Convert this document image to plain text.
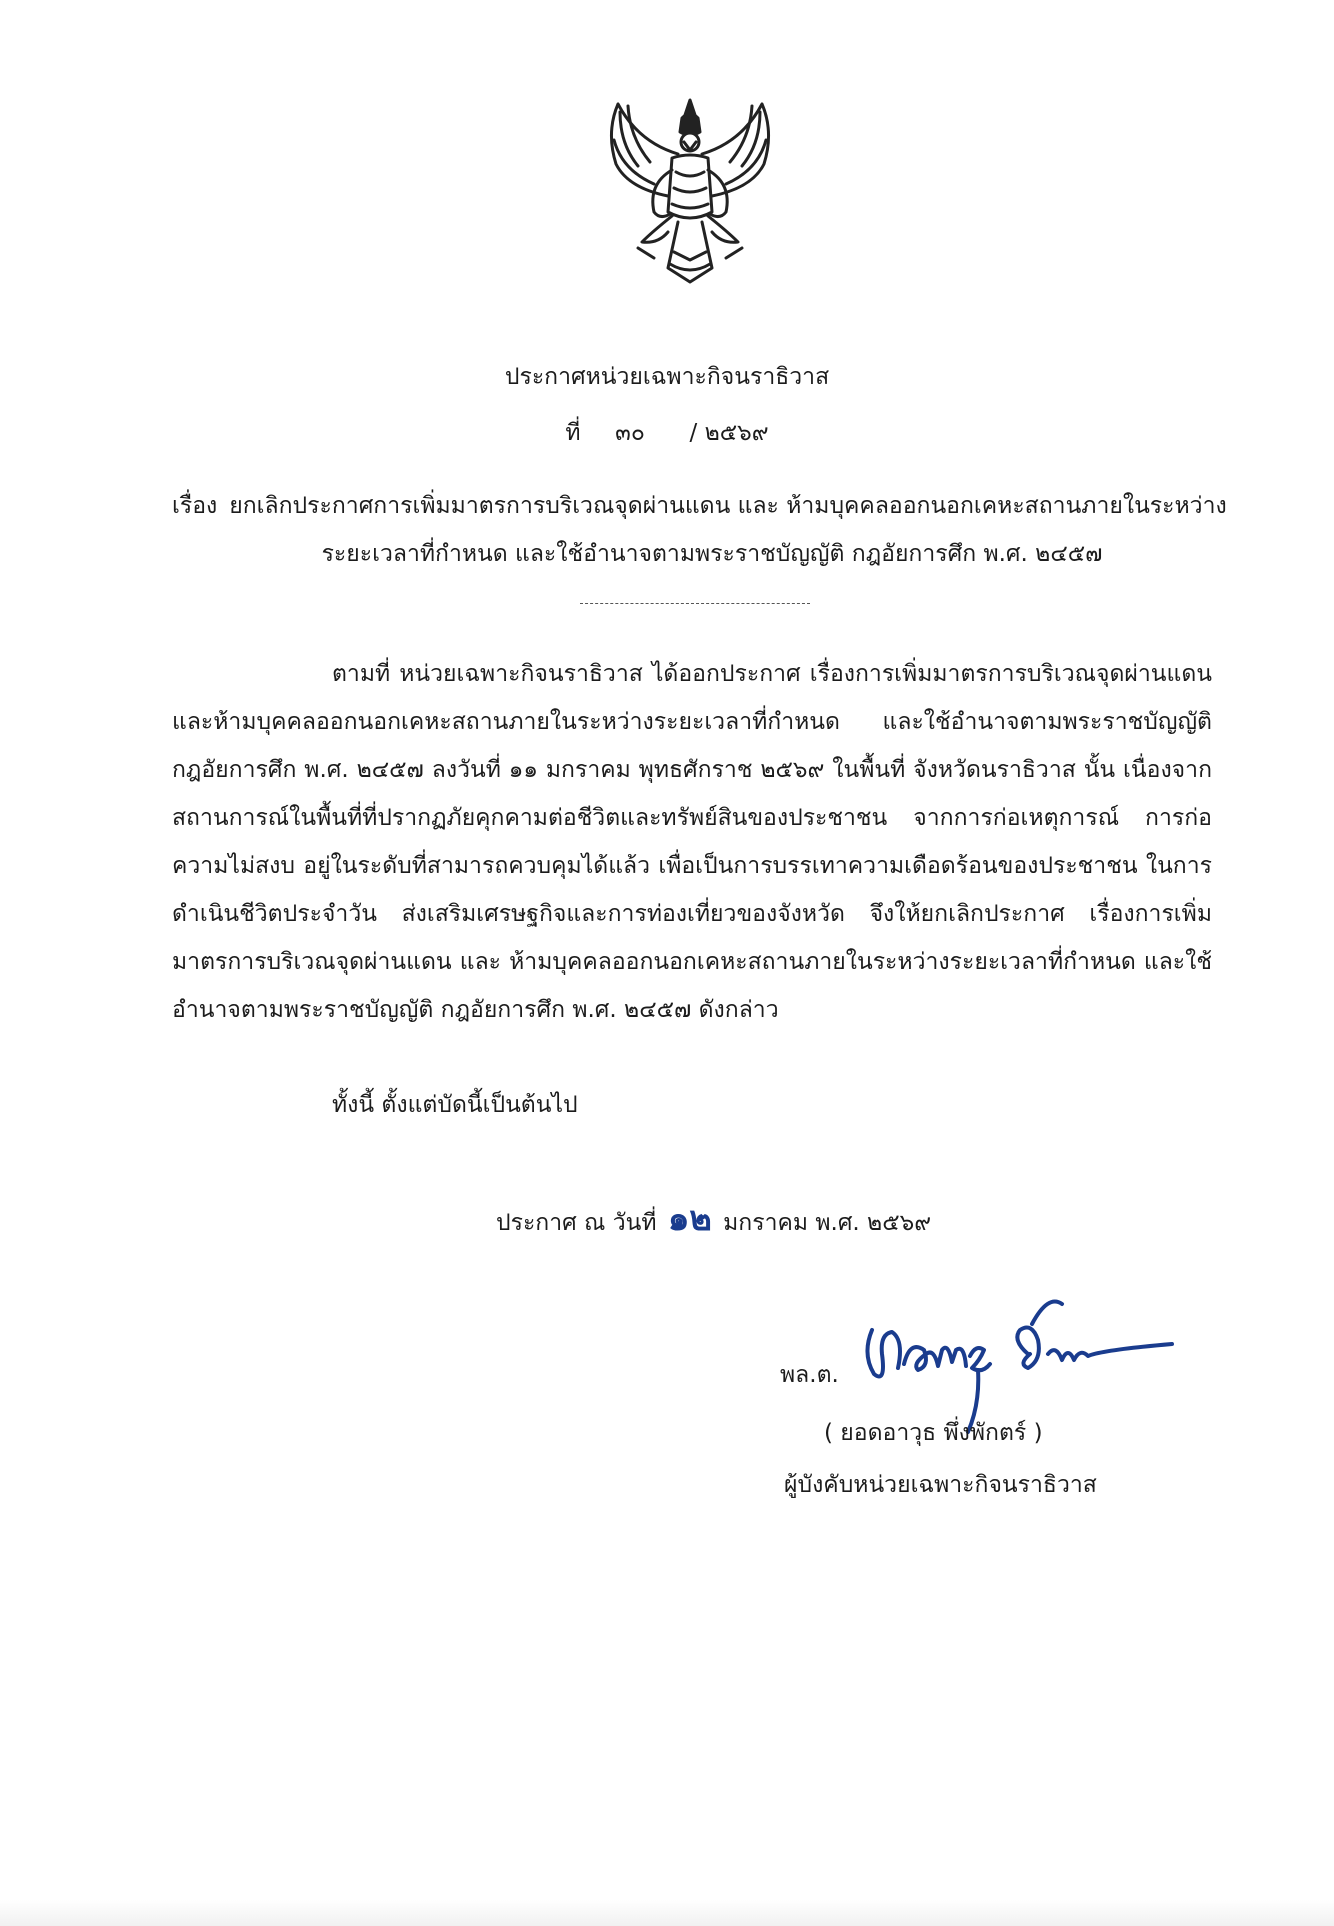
ประกาศหน่วยเฉพาะกิจนราธิวาส
ที่ ๓๐ / ๒๕๖๙
เรื่อง ยกเลิกประกาศการเพิ่มมาตรการบริเวณจุดผ่านแดน และ ห้ามบุคคลออกนอกเคหะสถานภายในระหว่าง
ระยะเวลาที่กำหนด และใช้อำนาจตามพระราชบัญญัติ กฎอัยการศึก พ.ศ. ๒๔๕๗
ตามที่ หน่วยเฉพาะกิจนราธิวาส ได้ออกประกาศ เรื่องการเพิ่มมาตรการบริเวณจุดผ่านแดน
และห้ามบุคคลออกนอกเคหะสถานภายในระหว่างระยะเวลาที่กำหนด และใช้อำนาจตามพระราชบัญญัติ
กฎอัยการศึก พ.ศ. ๒๔๕๗ ลงวันที่ ๑๑ มกราคม พุทธศักราช ๒๕๖๙ ในพื้นที่ จังหวัดนราธิวาส นั้น เนื่องจาก
สถานการณ์ในพื้นที่ที่ปรากฏภัยคุกคามต่อชีวิตและทรัพย์สินของประชาชน จากการก่อเหตุการณ์ การก่อ
ความไม่สงบ อยู่ในระดับที่สามารถควบคุมได้แล้ว เพื่อเป็นการบรรเทาความเดือดร้อนของประชาชน ในการ
ดำเนินชีวิตประจำวัน ส่งเสริมเศรษฐกิจและการท่องเที่ยวของจังหวัด จึงให้ยกเลิกประกาศ เรื่องการเพิ่ม
มาตรการบริเวณจุดผ่านแดน และ ห้ามบุคคลออกนอกเคหะสถานภายในระหว่างระยะเวลาที่กำหนด และใช้
อำนาจตามพระราชบัญญัติ กฎอัยการศึก พ.ศ. ๒๔๕๗ ดังกล่าว
ทั้งนี้ ตั้งแต่บัดนี้เป็นต้นไป
ประกาศ ณ วันที่ ๑๒ มกราคม พ.ศ. ๒๕๖๙
พล.ต.
( ยอดอาวุธ พึ่งพักตร์ )
ผู้บังคับหน่วยเฉพาะกิจนราธิวาส
